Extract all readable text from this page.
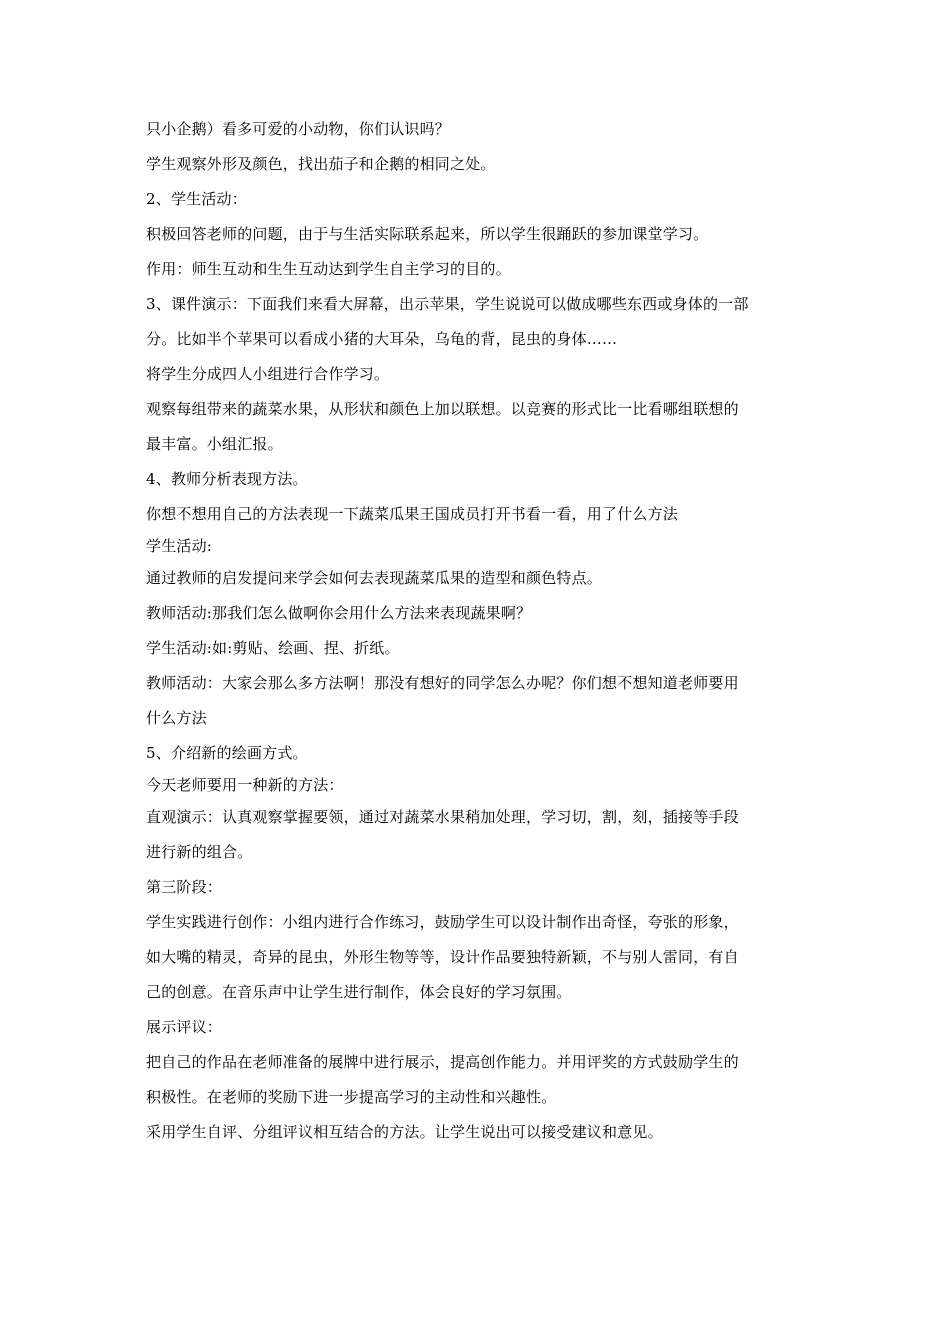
只小企鹅）看多可爱的小动物，你们认识吗？
学生观察外形及颜色，找出茄子和企鹅的相同之处。
2、学生活动：
积极回答老师的问题，由于与生活实际联系起来，所以学生很踊跃的参加课堂学习。
作用：师生互动和生生互动达到学生自主学习的目的。
3、课件演示：下面我们来看大屏幕，出示苹果，学生说说可以做成哪些东西或身体的一部
分。比如半个苹果可以看成小猪的大耳朵，乌龟的背，昆虫的身体……
将学生分成四人小组进行合作学习。
观察每组带来的蔬菜水果，从形状和颜色上加以联想。以竞赛的形式比一比看哪组联想的
最丰富。小组汇报。
4、教师分析表现方法。
你想不想用自己的方法表现一下蔬菜瓜果王国成员打开书看一看，用了什么方法
学生活动:
通过教师的启发提问来学会如何去表现蔬菜瓜果的造型和颜色特点。
教师活动:那我们怎么做啊你会用什么方法来表现蔬果啊？
学生活动:如:剪贴、绘画、捏、折纸。
教师活动：大家会那么多方法啊！那没有想好的同学怎么办呢？你们想不想知道老师要用
什么方法
5、介绍新的绘画方式。
今天老师要用一种新的方法：
直观演示：认真观察掌握要领，通过对蔬菜水果稍加处理，学习切，割，刻，插接等手段
进行新的组合。
第三阶段：
学生实践进行创作：小组内进行合作练习，鼓励学生可以设计制作出奇怪，夸张的形象，
如大嘴的精灵，奇异的昆虫，外形生物等等，设计作品要独特新颖，不与别人雷同，有自
己的创意。在音乐声中让学生进行制作，体会良好的学习氛围。
展示评议：
把自己的作品在老师准备的展牌中进行展示，提高创作能力。并用评奖的方式鼓励学生的
积极性。在老师的奖励下进一步提高学习的主动性和兴趣性。
采用学生自评、分组评议相互结合的方法。让学生说出可以接受建议和意见。
